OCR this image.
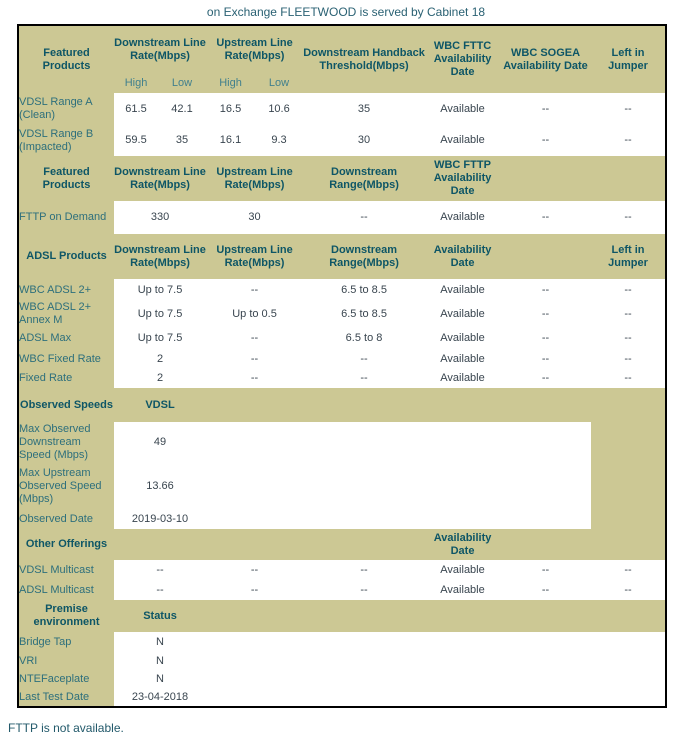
on Exchange FLEETWOOD is served by Cabinet 18
Featured Products	Downstream Line Rate(Mbps)		Upstream Line Rate(Mbps)		Downstream Handback Threshold(Mbps)	WBC FTTC Availability Date	WBC SOGEA Availability Date	Left in Jumper
	High	Low	High	Low				
VDSL Range A (Clean)	61.5	42.1	16.5	10.6	35	Available	--	--
VDSL Range B (Impacted)	59.5	35	16.1	9.3	30	Available	--	--
Featured Products	Downstream Line Rate(Mbps)		Upstream Line Rate(Mbps)		Downstream Range(Mbps)	WBC FTTP Availability Date		
FTTP on Demand	330		30		--	Available	--	--
ADSL Products	Downstream Line Rate(Mbps)		Upstream Line Rate(Mbps)		Downstream Range(Mbps)	Availability Date		Left in Jumper
WBC ADSL 2+	Up to 7.5		--		6.5 to 8.5	Available	--	--
WBC ADSL 2+ Annex M	Up to 7.5		Up to 0.5		6.5 to 8.5	Available	--	--
ADSL Max	Up to 7.5		--		6.5 to 8	Available	--	--
WBC Fixed Rate	2		--		--	Available	--	--
Fixed Rate	2		--		--	Available	--	--
Observed Speeds	VDSL							
Max Observed Downstream Speed (Mbps)	49							
Max Upstream Observed Speed (Mbps)	13.66							
Observed Date	2019-03-10							
Other Offerings						Availability Date		
VDSL Multicast	--		--		--	Available	--	--
ADSL Multicast	--		--		--	Available	--	--
Premise environment	Status							
Bridge Tap	N							
VRI	N							
NTEFaceplate	N							
Last Test Date	23-04-2018							
FTTP is not available.
